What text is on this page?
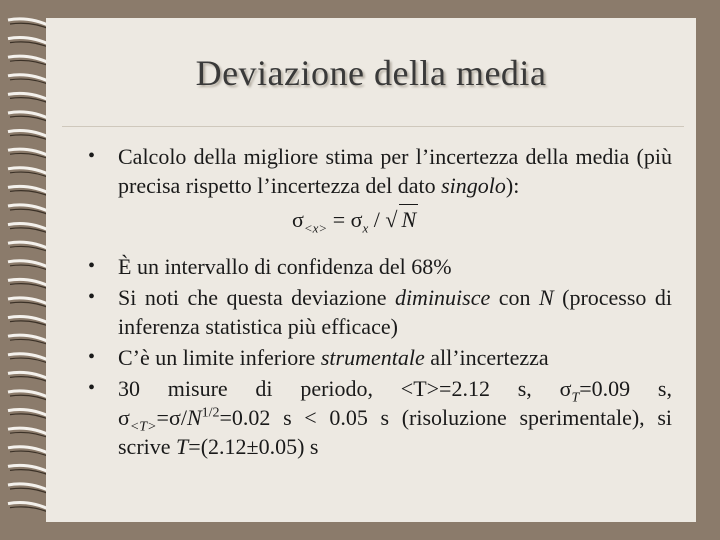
Deviazione della media
• Calcolo della migliore stima per l’incertezza della media (più precisa rispetto l’incertezza del dato singolo):
$\sigma_{<x>} = \sigma_x$ / √ N
• È un intervallo di confidenza del 68%
• Si noti che questa deviazione diminuisce con N (processo di inferenza statistica più efficace)
• C’è un limite inferiore strumentale all’incertezza
• 30 misure di periodo, <T>=2.12 s, $\sigma_T=0.09$ s, $\sigma_{<T>}=\sigma/N^{1/2}=0.02$ s < 0.05 s (risoluzione sperimentale), si scrive T=(2.12±0.05) s
